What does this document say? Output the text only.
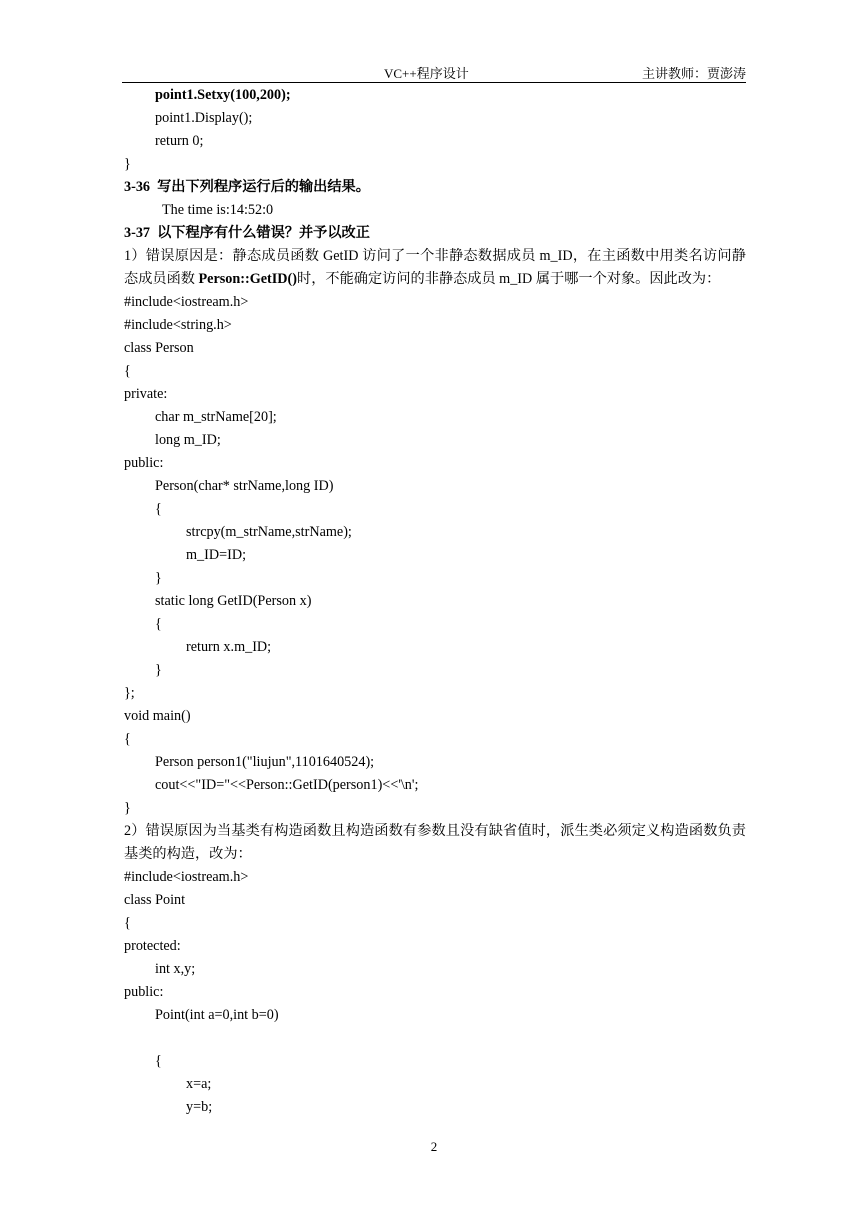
VC++程序设计	主讲教师：贾澎涛
point1.Setxy(100,200);
point1.Display();
return 0;
}
3-36  写出下列程序运行后的输出结果。
The time is:14:52:0
3-37  以下程序有什么错误？并予以改正
1）错误原因是：静态成员函数 GetID 访问了一个非静态数据成员 m_ID，在主函数中用类名访问静态成员函数 Person::GetID()时，不能确定访问的非静态成员 m_ID 属于哪一个对象。因此改为：
#include<iostream.h>
#include<string.h>
class Person
{
private:
char m_strName[20];
long m_ID;
public:
Person(char* strName,long ID)
{
strcpy(m_strName,strName);
m_ID=ID;
}
static long GetID(Person x)
{
return x.m_ID;
}
};
void main()
{
Person person1("liujun",1101640524);
cout<<"ID="<<Person::GetID(person1)<<'\n';
}
2）错误原因为当基类有构造函数且构造函数有参数且没有缺省值时，派生类必须定义构造函数负责基类的构造，改为：
#include<iostream.h>
class Point
{
protected:
int x,y;
public:
Point(int a=0,int b=0)
{
x=a;
y=b;
2
